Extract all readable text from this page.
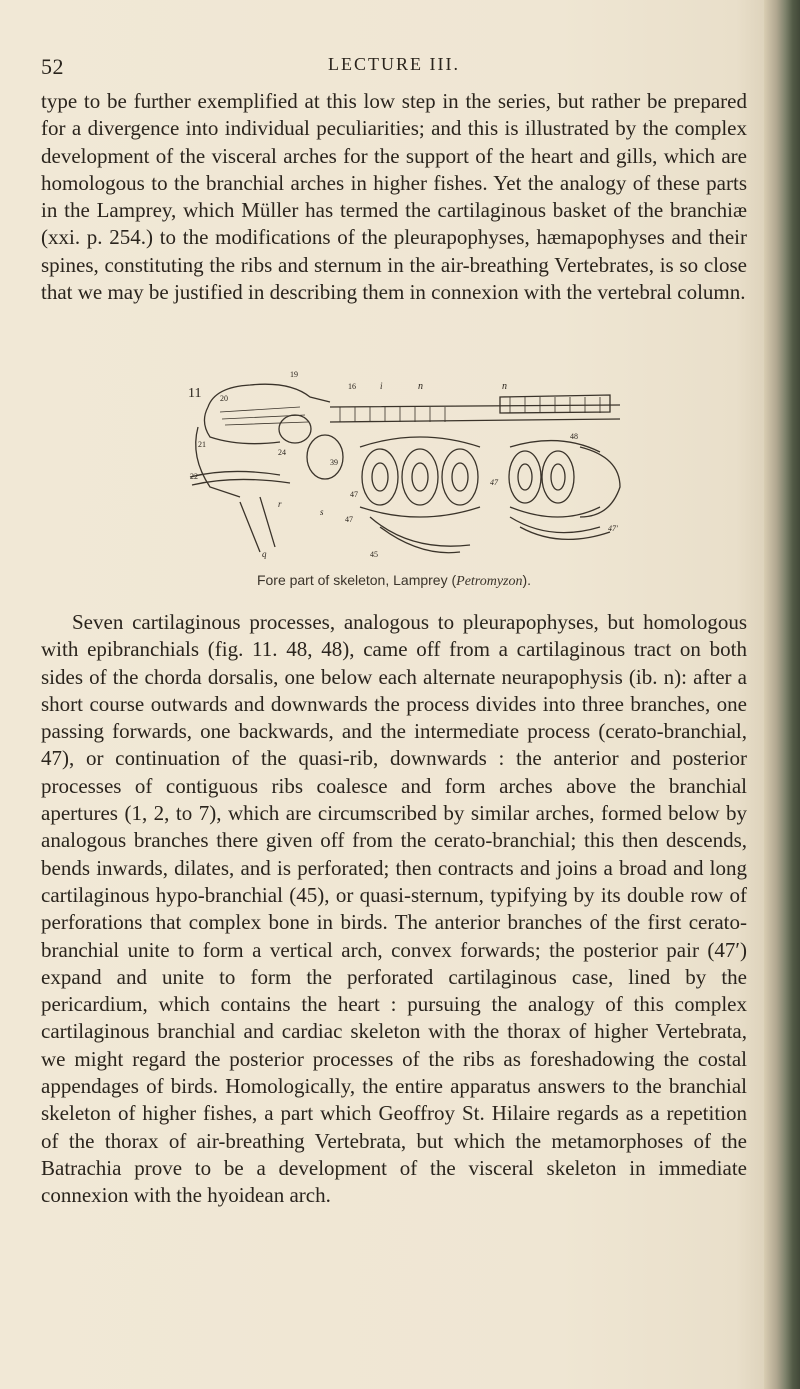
52	LECTURE III.

type to be further exemplified at this low step in the series, but rather be prepared for a divergence into individual peculiarities; and this is illustrated by the complex development of the visceral arches for the support of the heart and gills, which are homologous to the branchial arches in higher fishes. Yet the analogy of these parts in the Lamprey, which Müller has termed the cartilaginous basket of the branchiæ (xxi. p. 254.) to the modifications of the pleurapophyses, hæmapophyses and their spines, constituting the ribs and sternum in the air-breathing Vertebrates, is so close that we may be justified in describing them in connexion with the vertebral column.

11 20
19
16	i	n	n
21
22
24
39
47
48
47
r
s
47
45
q
47′
Fore part of skeleton, Lamprey (Petromyzon).

Seven cartilaginous processes, analogous to pleurapophyses, but homologous with epibranchials (fig. 11. 48, 48), came off from a cartilaginous tract on both sides of the chorda dorsalis, one below each alternate neurapophysis (ib. n): after a short course outwards and downwards the process divides into three branches, one passing forwards, one backwards, and the intermediate process (cerato-branchial, 47), or continuation of the quasi-rib, downwards : the anterior and posterior processes of contiguous ribs coalesce and form arches above the branchial apertures (1, 2, to 7), which are circumscribed by similar arches, formed below by analogous branches there given off from the cerato-branchial; this then descends, bends inwards, dilates, and is perforated; then contracts and joins a broad and long cartilaginous hypo-branchial (45), or quasi-sternum, typifying by its double row of perforations that complex bone in birds. The anterior branches of the first cerato-branchial unite to form a vertical arch, convex forwards; the posterior pair (47′) expand and unite to form the perforated cartilaginous case, lined by the pericardium, which contains the heart : pursuing the analogy of this complex cartilaginous branchial and cardiac skeleton with the thorax of higher Vertebrata, we might regard the posterior processes of the ribs as foreshadowing the costal appendages of birds. Homologically, the entire apparatus answers to the branchial skeleton of higher fishes, a part which Geoffroy St. Hilaire regards as a repetition of the thorax of air-breathing Vertebrata, but which the metamorphoses of the Batrachia prove to be a development of the visceral skeleton in immediate connexion with the hyoidean arch.
